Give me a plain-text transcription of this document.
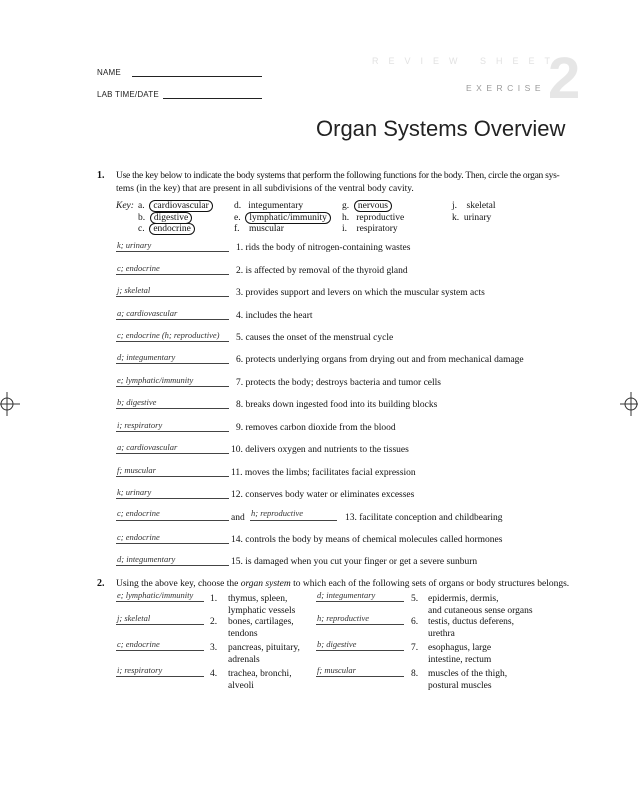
NAME
LAB TIME/DATE
REVIEW SHEET
EXERCISE 2
Organ Systems Overview
1. Use the key below to indicate the body systems that perform the following functions for the body. Then, circle the organ sys-
tems (in the key) that are present in all subdivisions of the ventral body cavity.
Key: a. cardiovascular
b. digestive
c. endocrine
d. integumentary
e. lymphatic/immunity
f. muscular
g. nervous
h. reproductive
i. respiratory
j. skeletal
k. urinary
k; urinary	1. rids the body of nitrogen-containing wastes
c; endocrine	2. is affected by removal of the thyroid gland
j; skeletal	3. provides support and levers on which the muscular system acts
a; cardiovascular	4. includes the heart
c; endocrine (h; reproductive) 5. causes the onset of the menstrual cycle
d; integumentary	6. protects underlying organs from drying out and from mechanical damage
e; lymphatic/immunity	7. protects the body; destroys bacteria and tumor cells
b; digestive	8. breaks down ingested food into its building blocks
i; respiratory	9. removes carbon dioxide from the blood
a; cardiovascular	10. delivers oxygen and nutrients to the tissues
f; muscular	11. moves the limbs; facilitates facial expression
k; urinary	12. conserves body water or eliminates excesses
c; endocrine	and h; reproductive	13. facilitate conception and childbearing
c; endocrine	14. controls the body by means of chemical molecules called hormones
d; integumentary	15. is damaged when you cut your finger or get a severe sunburn
2. Using the above key, choose the organ system to which each of the following sets of organs or body structures belongs.
e; lymphatic/immunity 1. thymus, spleen,
lymphatic vessels
j; skeletal	2. bones, cartilages,
tendons
c; endocrine	3. pancreas, pituitary,
adrenals
i; respiratory	4. trachea, bronchi,
alveoli
d; integumentary	5. epidermis, dermis,
and cutaneous sense organs
h; reproductive	6. testis, ductus deferens,
urethra
b; digestive	7. esophagus, large
intestine, rectum
f; muscular	8. muscles of the thigh,
postural muscles
